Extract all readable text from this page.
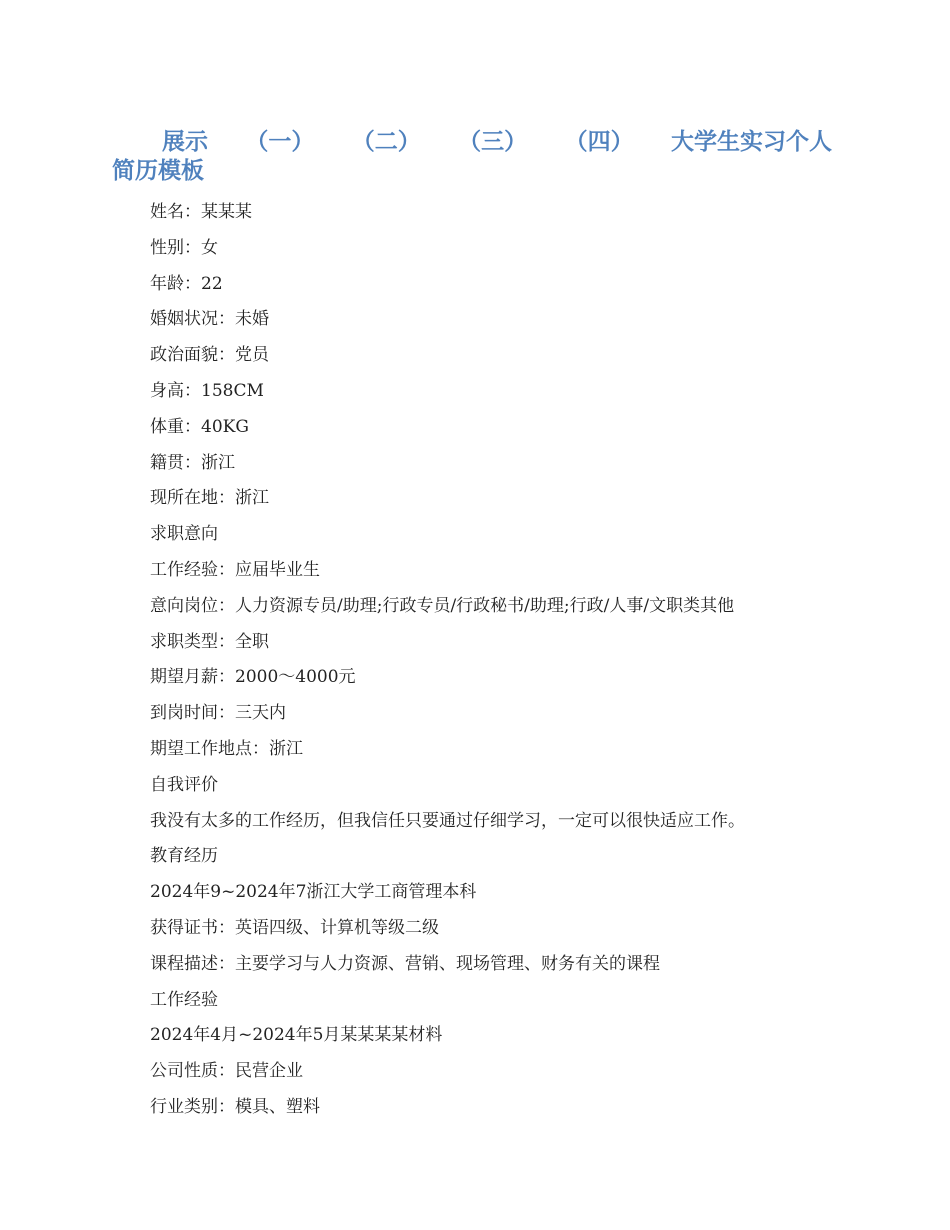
展示 （一） （二） （三） （四） 大学生实习个人
简历模板
姓名：某某某
性别：女
年龄：22
婚姻状况：未婚
政治面貌：党员
身高：158CM
体重：40KG
籍贯：浙江
现所在地：浙江
求职意向
工作经验：应届毕业生
意向岗位：人力资源专员/助理;行政专员/行政秘书/助理;行政/人事/文职类其他
求职类型：全职
期望月薪：2000～4000元
到岗时间：三天内
期望工作地点：浙江
自我评价
我没有太多的工作经历，但我信任只要通过仔细学习，一定可以很快适应工作。
教育经历
2024年9~2024年7浙江大学工商管理本科
获得证书：英语四级、计算机等级二级
课程描述：主要学习与人力资源、营销、现场管理、财务有关的课程
工作经验
2024年4月~2024年5月某某某某材料
公司性质：民营企业
行业类别：模具、塑料
